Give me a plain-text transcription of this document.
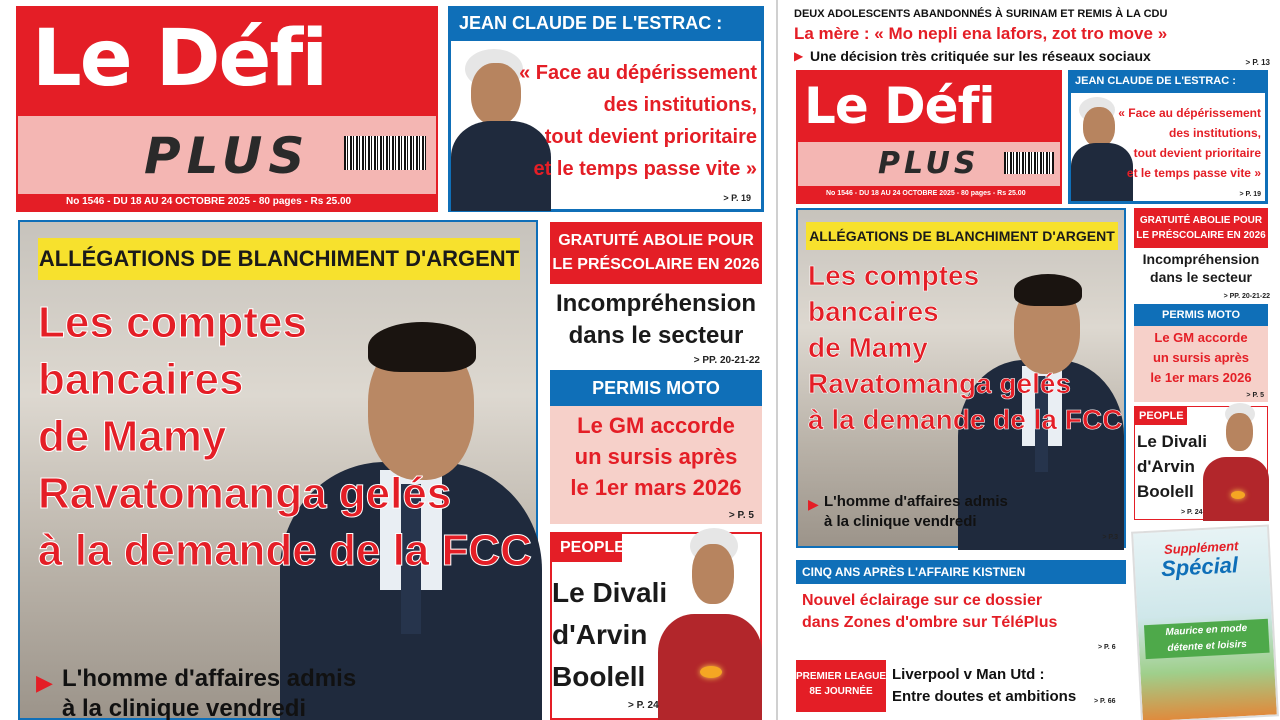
Le Défi
PLUS
No 1546 - DU 18 AU 24 OCTOBRE 2025 - 80 pages - Rs 25.00
JEAN CLAUDE DE L'ESTRAC :
« Face au dépérissement
des institutions,
tout devient prioritaire
et le temps passe vite »
> P. 19
ALLÉGATIONS DE BLANCHIMENT D'ARGENT
Les comptes
bancaires
de Mamy
Ravatomanga gelés
à la demande de la FCC
▶ L'homme d'affaires admis
à la clinique vendredi
GRATUITÉ ABOLIE POUR
LE PRÉSCOLAIRE EN 2026
Incompréhension
dans le secteur
> PP. 20-21-22
PERMIS MOTO
Le GM accorde
un sursis après
le 1er mars 2026
> P. 5
PEOPLE
Le Divali
d'Arvin
Boolell
> P. 24
DEUX ADOLESCENTS ABANDONNÉS À SURINAM ET REMIS À LA CDU
La mère : « Mo nepli ena lafors, zot tro move »
▶ Une décision très critiquée sur les réseaux sociaux	> P. 13
Le Défi
PLUS
No 1546 - DU 18 AU 24 OCTOBRE 2025 - 80 pages - Rs 25.00
JEAN CLAUDE DE L'ESTRAC :
« Face au dépérissement
des institutions,
tout devient prioritaire
et le temps passe vite »
> P. 19
ALLÉGATIONS DE BLANCHIMENT D'ARGENT
Les comptes
bancaires
de Mamy
Ravatomanga gelés
à la demande de la FCC
▶ L'homme d'affaires admis
à la clinique vendredi
> P.3
GRATUITÉ ABOLIE POUR
LE PRÉSCOLAIRE EN 2026
Incompréhension
dans le secteur
> PP. 20-21-22
PERMIS MOTO
Le GM accorde
un sursis après
le 1er mars 2026
> P. 5
PEOPLE
Le Divali
d'Arvin
Boolell
> P. 24
CINQ ANS APRÈS L'AFFAIRE KISTNEN
Nouvel éclairage sur ce dossier
dans Zones d'ombre sur TéléPlus
> P. 6
PREMIER LEAGUE
8E JOURNÉE
Liverpool v Man Utd :
Entre doutes et ambitions	> P. 66
Supplément
Spécial
Maurice en mode
détente et loisirs
